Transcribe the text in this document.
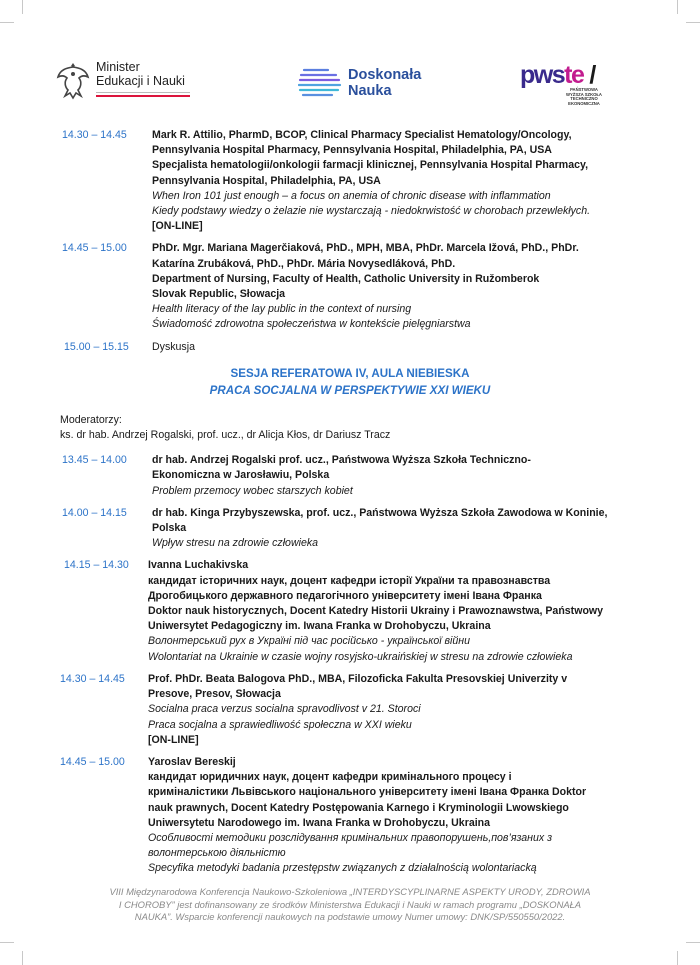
Minister
Edukacji i Nauki	Doskonała
Nauka
pwste /
PAŃSTWOWA WYŻSZA SZKOŁA TECHNICZNO EKONOMICZNA
14.30 – 14.45 Mark R. Attilio, PharmD, BCOP, Clinical Pharmacy Specialist Hematology/Oncology,
Pennsylvania Hospital Pharmacy, Pennsylvania Hospital, Philadelphia, PA, USA
Specjalista hematologii/onkologii farmacji klinicznej, Pennsylvania Hospital Pharmacy,
Pennsylvania Hospital, Philadelphia, PA, USA
When Iron 101 just enough – a focus on anemia of chronic disease with inflammation
Kiedy podstawy wiedzy o żelazie nie wystarczają - niedokrwistość w chorobach przewlekłych.
[ON-LINE]
14.45 – 15.00 PhDr. Mgr. Mariana Magerčiaková, PhD., MPH, MBA, PhDr. Marcela Ižová, PhD., PhDr.
Katarína Zrubáková, PhD., PhDr. Mária Novysedláková, PhD.
Department of Nursing, Faculty of Health, Catholic University in Ružomberok
Slovak Republic, Słowacja
Health literacy of the lay public in the context of nursing
Świadomość zdrowotna społeczeństwa w kontekście pielęgniarstwa
15.00 – 15.15 Dyskusja
SESJA REFERATOWA IV, AULA NIEBIESKA
PRACA SOCJALNA W PERSPEKTYWIE XXI WIEKU
Moderatorzy:
ks. dr hab. Andrzej Rogalski, prof. ucz., dr Alicja Kłos, dr Dariusz Tracz
13.45 – 14.00 dr hab. Andrzej Rogalski prof. ucz., Państwowa Wyższa Szkoła Techniczno-
Ekonomiczna w Jarosławiu, Polska
Problem przemocy wobec starszych kobiet
14.00 – 14.15 dr hab. Kinga Przybyszewska, prof. ucz., Państwowa Wyższa Szkoła Zawodowa w Koninie,
Polska
Wpływ stresu na zdrowie człowieka
14.15 – 14.30 Ivanna Luchakivska
кандидат історичних наук, доцент кафедри історії України та правознавства
Дрогобицького державного педагогічного університету імені Івана Франка
Doktor nauk historycznych, Docent Katedry Historii Ukrainy i Prawoznawstwa, Państwowy
Uniwersytet Pedagogiczny im. Iwana Franka w Drohobyczu, Ukraina
Волонтерський рух в Україні під час російсько - української війни
Wolontariat na Ukrainie w czasie wojny rosyjsko-ukraińskiej w stresu na zdrowie człowieka
14.30 – 14.45 Prof. PhDr. Beata Balogova PhD., MBA, Filozoficka Fakulta Presovskiej Univerzity v
Presove, Presov, Słowacja
Socialna praca verzus socialna spravodlivost v 21. Storoci
Praca socjalna a sprawiedliwość społeczna w XXI wieku
[ON-LINE]
14.45 – 15.00 Yaroslav Bereskij
кандидат юридичних наук, доцент кафедри кримінального процесу і
криміналістики Львівського національного університету імені Івана Франка Doktor
nauk prawnych, Docent Katedry Postępowania Karnego i Kryminologii Lwowskiego
Uniwersytetu Narodowego im. Iwana Franka w Drohobyczu, Ukraina
Особливості методики розслідування кримінальних правопорушень,пов’язаних з
волонтерською діяльністю
Specyfika metodyki badania przestępstw związanych z działalnością wolontariacką
VIII Międzynarodowa Konferencja Naukowo-Szkoleniowa „INTERDYSCYPLINARNE ASPEKTY URODY, ZDROWIA
I CHOROBY” jest dofinansowany ze środków Ministerstwa Edukacji i Nauki w ramach programu „DOSKONAŁA
NAUKA”. Wsparcie konferencji naukowych na podstawie umowy Numer umowy: DNK/SP/550550/2022.
